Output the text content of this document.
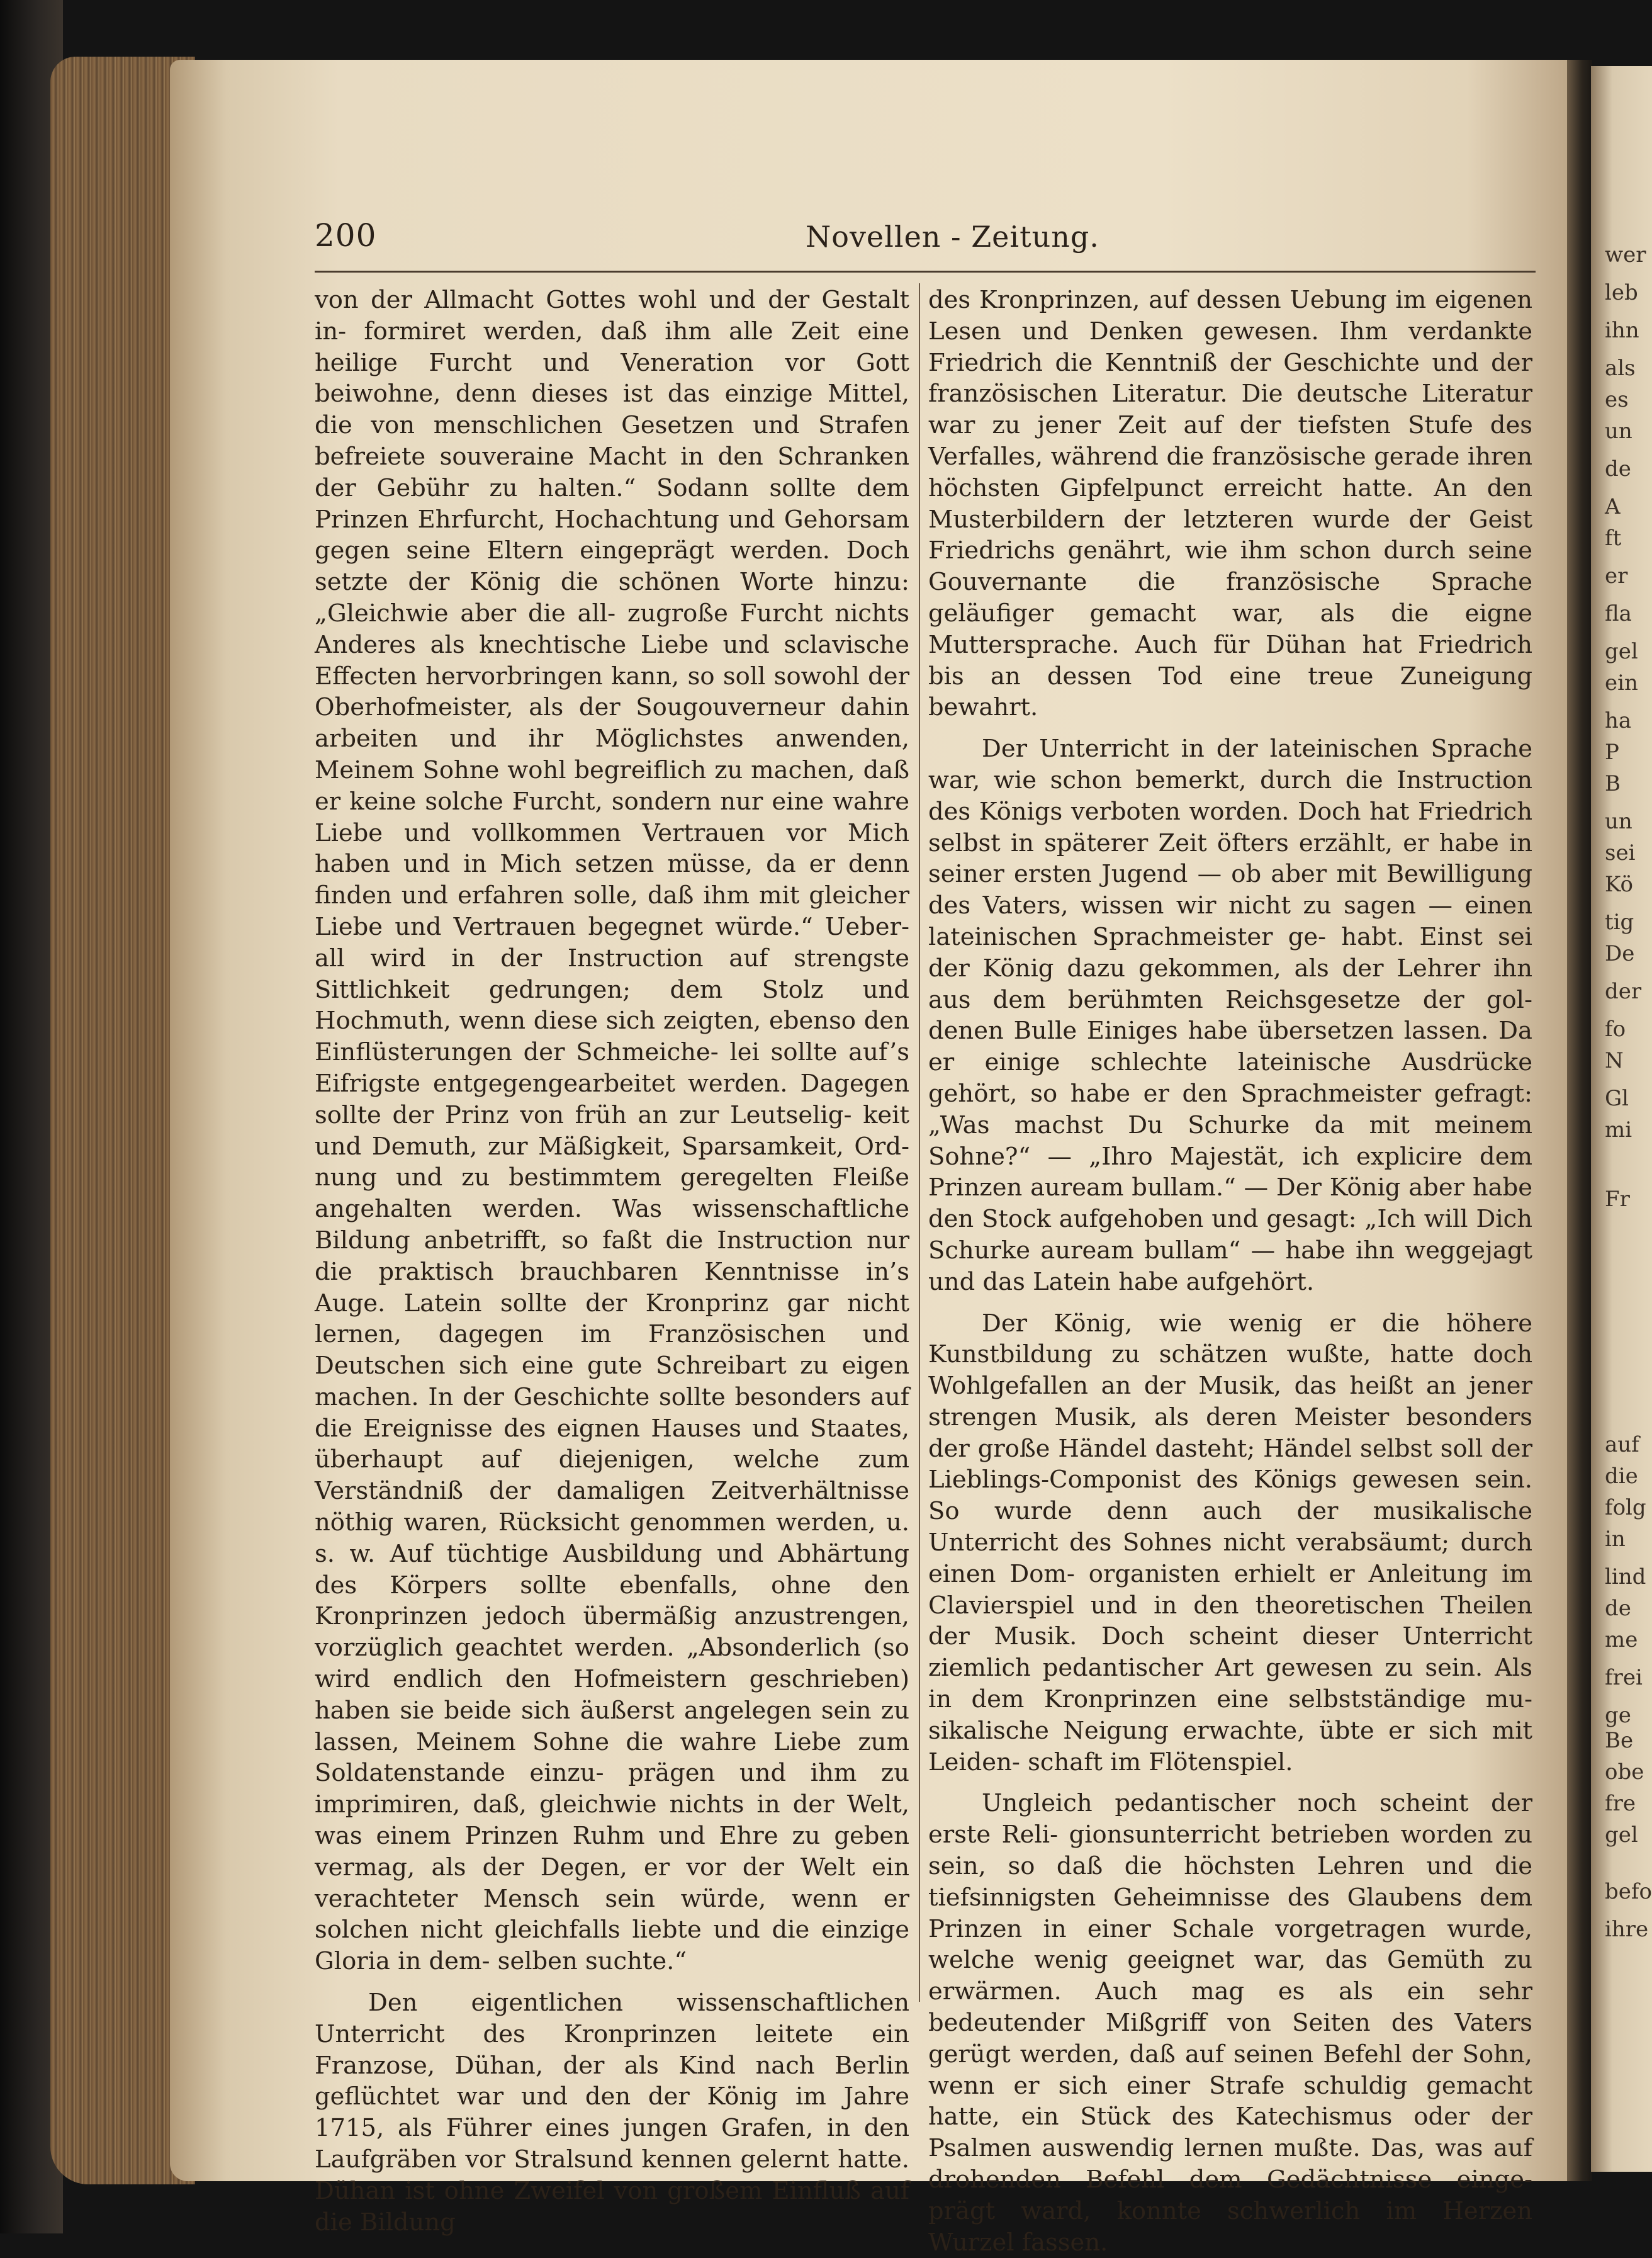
wer
leb
ihn
als
es
un
de
A
ft
er
fla
gel
ein
ha
P
B
un
sei
Kö
tig
De
der
fo
N
Gl
mi
Fr
auf
die
folg
in
lind
de
me
frei
ge
Be
obe
fre
gel
befo
ihre
200	Novellen - Zeitung.

von der Allmacht Gottes wohl und der Gestalt in- formiret werden, daß ihm alle Zeit eine heilige Furcht und Veneration vor Gott beiwohne, denn dieses ist das einzige Mittel, die von menschlichen Gesetzen und Strafen befreiete souveraine Macht in den Schranken der Gebühr zu halten.“ Sodann sollte dem Prinzen Ehrfurcht, Hochachtung und Gehorsam gegen seine Eltern eingeprägt werden. Doch setzte der König die schönen Worte hinzu: „Gleichwie aber die all- zugroße Furcht nichts Anderes als knechtische Liebe und sclavische Effecten hervorbringen kann, so soll sowohl der Oberhofmeister, als der Sougouverneur dahin arbeiten und ihr Möglichstes anwenden, Meinem Sohne wohl begreiflich zu machen, daß er keine solche Furcht, sondern nur eine wahre Liebe und vollkommen Vertrauen vor Mich haben und in Mich setzen müsse, da er denn finden und erfahren solle, daß ihm mit gleicher Liebe und Vertrauen begegnet würde.“ Ueber- all wird in der Instruction auf strengste Sittlichkeit gedrungen; dem Stolz und Hochmuth, wenn diese sich zeigten, ebenso den Einflüsterungen der Schmeiche- lei sollte auf’s Eifrigste entgegengearbeitet werden. Dagegen sollte der Prinz von früh an zur Leutselig- keit und Demuth, zur Mäßigkeit, Sparsamkeit, Ord- nung und zu bestimmtem geregelten Fleiße angehalten werden. Was wissenschaftliche Bildung anbetrifft, so faßt die Instruction nur die praktisch brauchbaren Kenntnisse in’s Auge. Latein sollte der Kronprinz gar nicht lernen, dagegen im Französischen und Deutschen sich eine gute Schreibart zu eigen machen. In der Geschichte sollte besonders auf die Ereignisse des eignen Hauses und Staates, überhaupt auf diejenigen, welche zum Verständniß der damaligen Zeitverhältnisse nöthig waren, Rücksicht genommen werden, u. s. w. Auf tüchtige Ausbildung und Abhärtung des Körpers sollte ebenfalls, ohne den Kronprinzen jedoch übermäßig anzustrengen, vorzüglich geachtet werden. „Absonderlich (so wird endlich den Hofmeistern geschrieben) haben sie beide sich äußerst angelegen sein zu lassen, Meinem Sohne die wahre Liebe zum Soldatenstande einzu- prägen und ihm zu imprimiren, daß, gleichwie nichts in der Welt, was einem Prinzen Ruhm und Ehre zu geben vermag, als der Degen, er vor der Welt ein verachteter Mensch sein würde, wenn er solchen nicht gleichfalls liebte und die einzige Gloria in dem- selben suchte.“

Den eigentlichen wissenschaftlichen Unterricht des Kronprinzen leitete ein Franzose, Dühan, der als Kind nach Berlin geflüchtet war und den der König im Jahre 1715, als Führer eines jungen Grafen, in den Laufgräben vor Stralsund kennen gelernt hatte. Dühan ist ohne Zweifel von großem Einfluß auf die Bildung

des Kronprinzen, auf dessen Uebung im eigenen Lesen und Denken gewesen. Ihm verdankte Friedrich die Kenntniß der Geschichte und der französischen Literatur. Die deutsche Literatur war zu jener Zeit auf der tiefsten Stufe des Verfalles, während die französische gerade ihren höchsten Gipfelpunct erreicht hatte. An den Musterbildern der letzteren wurde der Geist Friedrichs genährt, wie ihm schon durch seine Gouvernante die französische Sprache geläufiger gemacht war, als die eigne Muttersprache. Auch für Dühan hat Friedrich bis an dessen Tod eine treue Zuneigung bewahrt.

Der Unterricht in der lateinischen Sprache war, wie schon bemerkt, durch die Instruction des Königs verboten worden. Doch hat Friedrich selbst in späterer Zeit öfters erzählt, er habe in seiner ersten Jugend — ob aber mit Bewilligung des Vaters, wissen wir nicht zu sagen — einen lateinischen Sprachmeister ge- habt. Einst sei der König dazu gekommen, als der Lehrer ihn aus dem berühmten Reichsgesetze der gol- denen Bulle Einiges habe übersetzen lassen. Da er einige schlechte lateinische Ausdrücke gehört, so habe er den Sprachmeister gefragt: „Was machst Du Schurke da mit meinem Sohne?“ — „Ihro Majestät, ich explicire dem Prinzen auream bullam.“ — Der König aber habe den Stock aufgehoben und gesagt: „Ich will Dich Schurke auream bullam“ — habe ihn weggejagt und das Latein habe aufgehört.

Der König, wie wenig er die höhere Kunstbildung zu schätzen wußte, hatte doch Wohlgefallen an der Musik, das heißt an jener strengen Musik, als deren Meister besonders der große Händel dasteht; Händel selbst soll der Lieblings-Componist des Königs gewesen sein. So wurde denn auch der musikalische Unterricht des Sohnes nicht verabsäumt; durch einen Dom- organisten erhielt er Anleitung im Clavierspiel und in den theoretischen Theilen der Musik. Doch scheint dieser Unterricht ziemlich pedantischer Art gewesen zu sein. Als in dem Kronprinzen eine selbstständige mu- sikalische Neigung erwachte, übte er sich mit Leiden- schaft im Flötenspiel.

Ungleich pedantischer noch scheint der erste Reli- gionsunterricht betrieben worden zu sein, so daß die höchsten Lehren und die tiefsinnigsten Geheimnisse des Glaubens dem Prinzen in einer Schale vorgetragen wurde, welche wenig geeignet war, das Gemüth zu erwärmen. Auch mag es als ein sehr bedeutender Mißgriff von Seiten des Vaters gerügt werden, daß auf seinen Befehl der Sohn, wenn er sich einer Strafe schuldig gemacht hatte, ein Stück des Katechismus oder der Psalmen auswendig lernen mußte. Das, was auf drohenden Befehl dem Gedächtnisse einge- prägt ward, konnte schwerlich im Herzen Wurzel fassen.
